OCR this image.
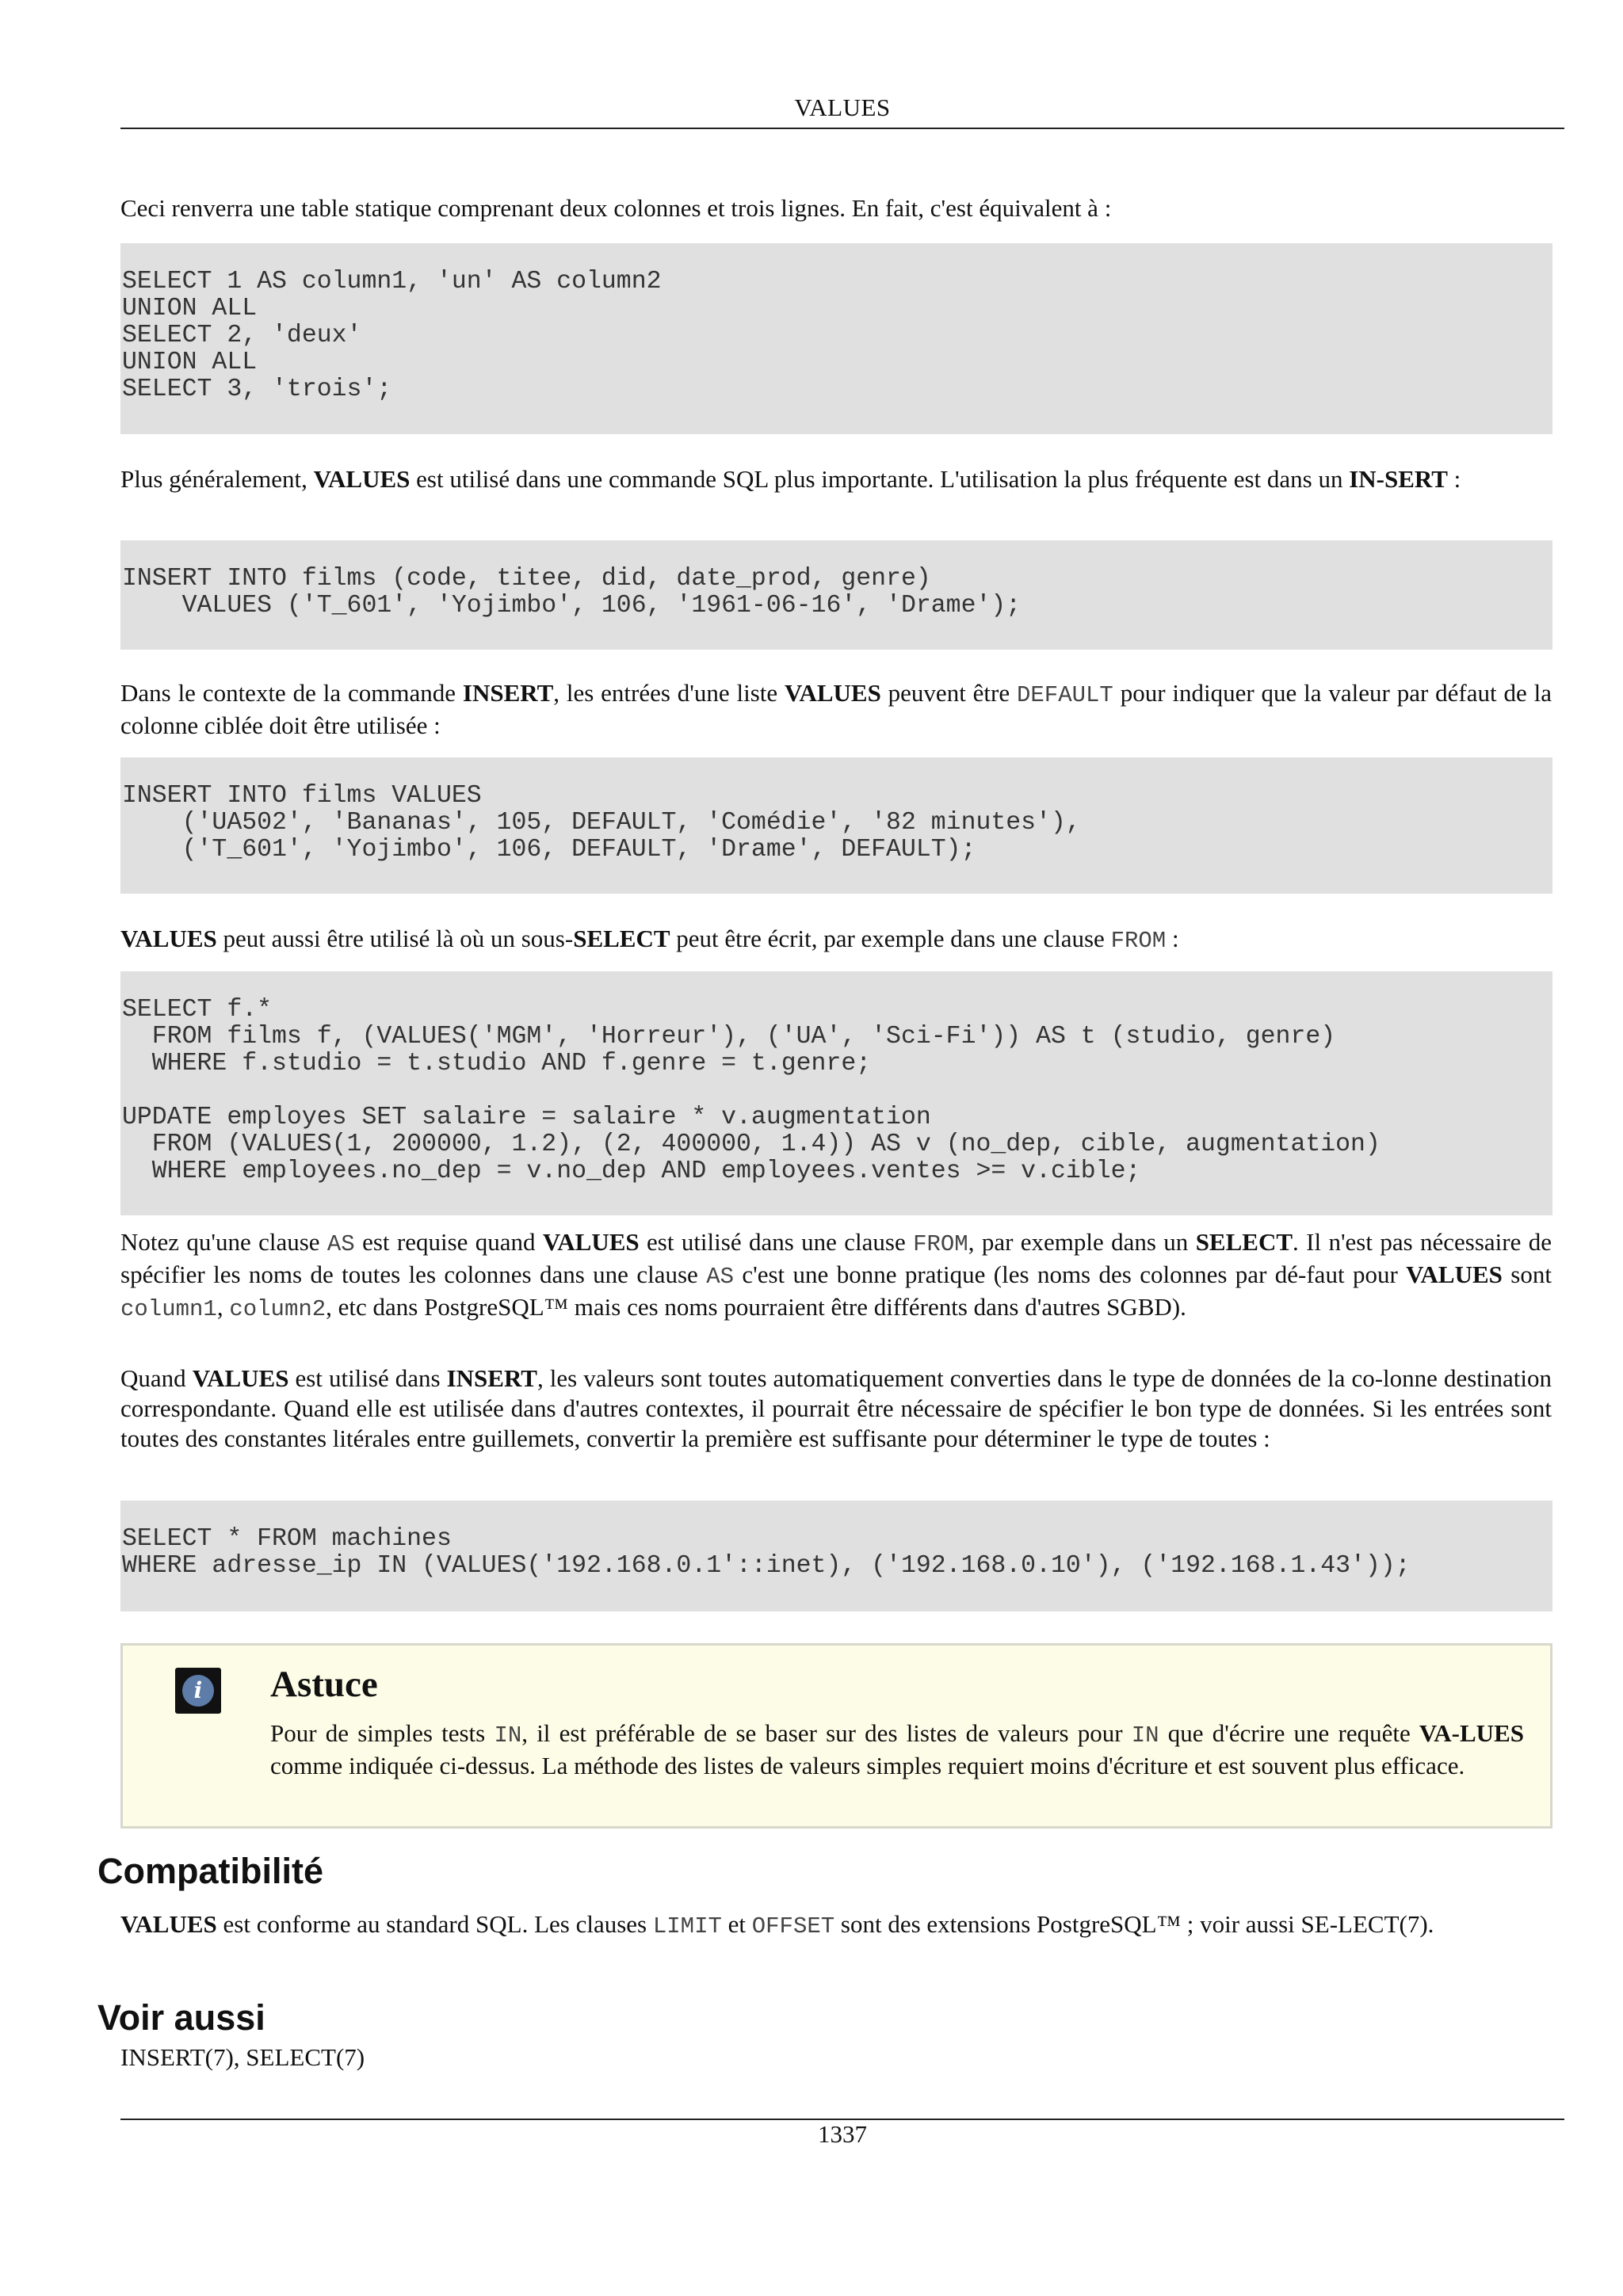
VALUES
Ceci renverra une table statique comprenant deux colonnes et trois lignes. En fait, c'est équivalent à :
SELECT 1 AS column1, 'un' AS column2
UNION ALL
SELECT 2, 'deux'
UNION ALL
SELECT 3, 'trois';
Plus généralement, VALUES est utilisé dans une commande SQL plus importante. L'utilisation la plus fréquente est dans un IN-SERT :
INSERT INTO films (code, titee, did, date_prod, genre)
VALUES ('T_601', 'Yojimbo', 106, '1961-06-16', 'Drame');
Dans le contexte de la commande INSERT, les entrées d'une liste VALUES peuvent être DEFAULT pour indiquer que la valeur par défaut de la colonne ciblée doit être utilisée :
INSERT INTO films VALUES
('UA502', 'Bananas', 105, DEFAULT, 'Comédie', '82 minutes'),
('T_601', 'Yojimbo', 106, DEFAULT, 'Drame', DEFAULT);
VALUES peut aussi être utilisé là où un sous-SELECT peut être écrit, par exemple dans une clause FROM :
SELECT f.*
FROM films f, (VALUES('MGM', 'Horreur'), ('UA', 'Sci-Fi')) AS t (studio, genre)
WHERE f.studio = t.studio AND f.genre = t.genre;

UPDATE employes SET salaire = salaire * v.augmentation
FROM (VALUES(1, 200000, 1.2), (2, 400000, 1.4)) AS v (no_dep, cible, augmentation)
WHERE employees.no_dep = v.no_dep AND employees.ventes >= v.cible;
Notez qu'une clause AS est requise quand VALUES est utilisé dans une clause FROM, par exemple dans un SELECT. Il n'est pas nécessaire de spécifier les noms de toutes les colonnes dans une clause AS c'est une bonne pratique (les noms des colonnes par dé-faut pour VALUES sont column1, column2, etc dans PostgreSQL™ mais ces noms pourraient être différents dans d'autres SGBD).
Quand VALUES est utilisé dans INSERT, les valeurs sont toutes automatiquement converties dans le type de données de la co-lonne destination correspondante. Quand elle est utilisée dans d'autres contextes, il pourrait être nécessaire de spécifier le bon type de données. Si les entrées sont toutes des constantes litérales entre guillemets, convertir la première est suffisante pour déterminer le type de toutes :
SELECT * FROM machines
WHERE adresse_ip IN (VALUES('192.168.0.1'::inet), ('192.168.0.10'), ('192.168.1.43'));
i	Astuce
Pour de simples tests IN, il est préférable de se baser sur des listes de valeurs pour IN que d'écrire une requête VA-LUES comme indiquée ci-dessus. La méthode des listes de valeurs simples requiert moins d'écriture et est souvent plus efficace.
Compatibilité
VALUES est conforme au standard SQL. Les clauses LIMIT et OFFSET sont des extensions PostgreSQL™ ; voir aussi SE-LECT(7).
Voir aussi
INSERT(7), SELECT(7)
1337
